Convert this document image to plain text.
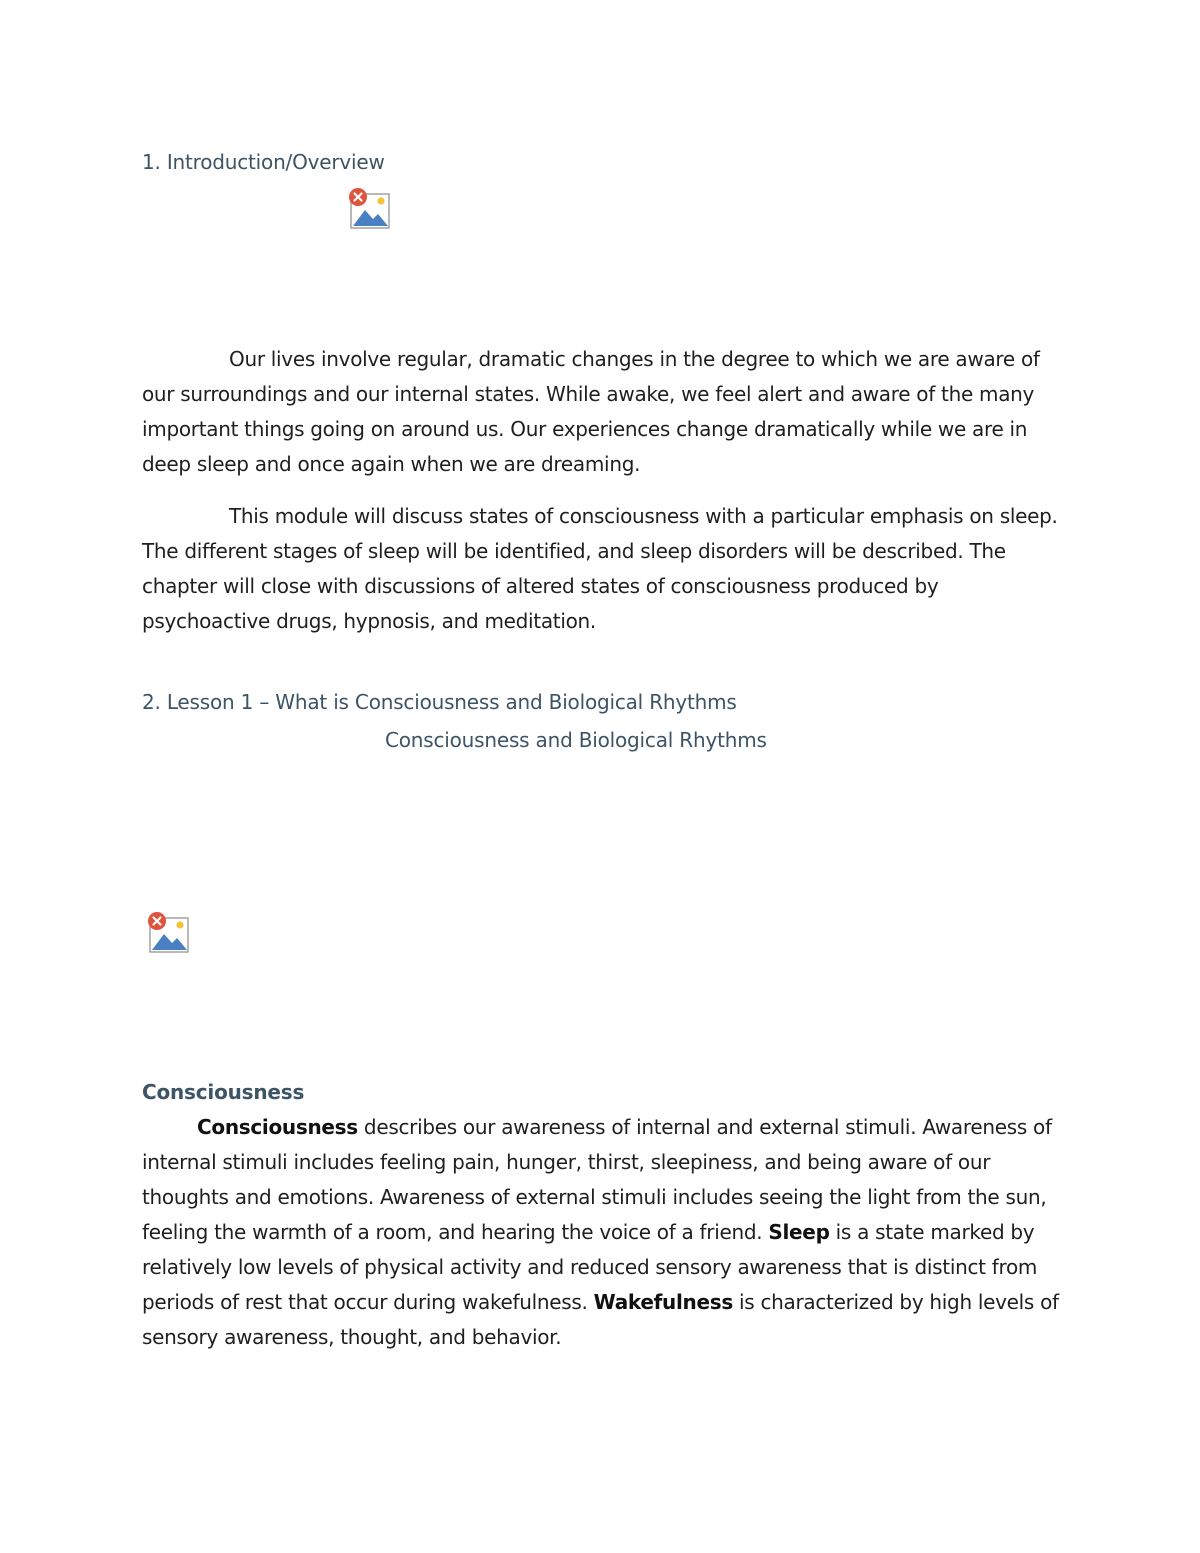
1. Introduction/Overview
Our lives involve regular, dramatic changes in the degree to which we are aware of our surroundings and our internal states. While awake, we feel alert and aware of the many important things going on around us. Our experiences change dramatically while we are in deep sleep and once again when we are dreaming.
This module will discuss states of consciousness with a particular emphasis on sleep. The different stages of sleep will be identified, and sleep disorders will be described. The chapter will close with discussions of altered states of consciousness produced by psychoactive drugs, hypnosis, and meditation.
2. Lesson 1 – What is Consciousness and Biological Rhythms
Consciousness and Biological Rhythms
Consciousness
Consciousness describes our awareness of internal and external stimuli. Awareness of internal stimuli includes feeling pain, hunger, thirst, sleepiness, and being aware of our thoughts and emotions. Awareness of external stimuli includes seeing the light from the sun, feeling the warmth of a room, and hearing the voice of a friend. Sleep is a state marked by relatively low levels of physical activity and reduced sensory awareness that is distinct from periods of rest that occur during wakefulness. Wakefulness is characterized by high levels of sensory awareness, thought, and behavior.
